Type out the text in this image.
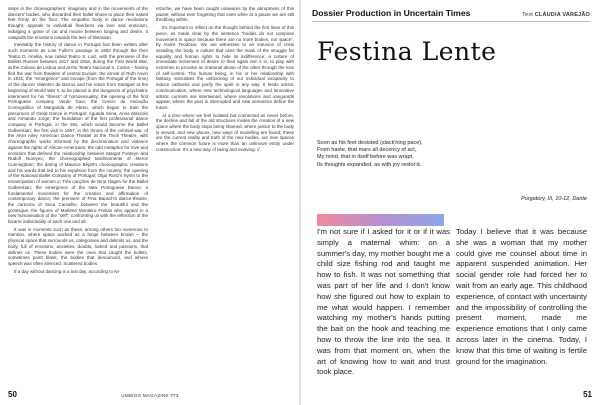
steps in the choreographers' imaginary and in the movements of the dancers' bodies, who discarded their ballet shoes to place their naked feet firmly on the floor. The empathic body in dance revolutions thought, appeals to individual freedoms via love and eroticism, indulging a game of cat and mouse between longing and desire. It catapults the emotions towards the leer of liberation.

Inevitably the history of dance in Portugal has been written after such moments as Loïe Fuller's passage in 1902 through the then Teatro D. Amélia, now called Teatro S. Luiz, with the premiere of the Ballets Russes between 1917 and 1918, during the First World War, at the Coliseu de Lisboa and at the Teatro Nacional S. Carlos – having fled the war from theatres of central Europe; the arrival of Ruth Asvin in 1931; the "emergence" and escape (from the Portugal of the time) of the dancer Valentim de Barros and his return from Stuttgart at the beginning of World War II, to be placed in the dungeons of psychiatric internment for his "illness" of homosexuality; the opening of the first Portuguese company Verde Gaio; the Centro de Iniciação Coreográfica of Margarida de Abreu, which began to train the precursors of Great Dance in Portugal: Águeda Sena, Anna Mascolo and Armando Jorge; the foundation of the first professional dance company in Portugal, in the 60s, which would become the Ballet Gulbenkian; the first visit in 1967, in the throes of the colonial war, of the Alvin Ailey American Dance Theater at the Tivoli Theatre, with choreographic works informed by the discrimination and violence against the rights of African-Americans; the odd metaphor for love and eroticism that defined the relationship between Margot Fonteyn and Rudolf Nureyev; the choreographed tandmoments of Merce Cunningham; the daring of Maurice Béjart's choreographic creations and his words that led to his expulsion from the country; the opening of the National Ballet Company of Portugal; Olga Roriz's hymn to the emancipation of women in Três canções de Nina Hagen for the Ballet Gulbenkian; the emergence of the New Portuguese Dance, a fundamental movement for the creation and affirmation of contemporary dance; the premiere of Pina Bausch's dance-theatre, the cartoons of Seca Carvalho, between the beautiful and the grotesque, the figures of Marlene Monteiro Freitas who appeal to a new humanisation of the "self", confronting us with the reflection of the bizarre individuality of each one and all.

It was in moments such as these, among others too numerous to mention, where space worked as a hinge between known – the physical space that surrounds us, categorises and delimits us, and the body, full of emotions, anxieties, doubts, hatred and passions, that defines us. These bodies were the ones that caught the bullets, sometimes point blank, the bodies that denounced, and whose speech was often silenced. Scattered bodies.

If a day without dancing is a lost day, according to Ni-

etzsche, we have been caught unawares by the abruptness of this pause, without ever forgetting that even while at a pause we are still throbbing within.

It's important to reflect on the thought behind the first lines of this piece, as made clear by the sentence "bodies do not compose movement in space because there are no more bodies, nor space", by André Teodósio. We are witnesses to an intrusion of crisis assailing the body, a culture that uses the mask of the struggle for equality and human rights to hide its indifference; a culture of immediate incitement of desire to then again rein it in, to play with extremes to provoke an irrational abuse of the other through the loss of self-control. The human being, in his or her relationship with fantasy, stimulates the unblocking of our individual incapacity to induce catharsis and purify the spirit in any way. It feeds artistic communication, where new technological languages and innovative artistic currents are intertwined, where revolutions and vanguards appear, where the past is interrupted and new semantics define the future.

At a time where we feel isolated but connected as never before, the decline and fall of the old structures invites the creation of a new space where the body stops being shamed, where justice to the body is served, and new places, new ways of modelling are found; these are the current reality and truth of the new bodies, our new spaces where the common future is more than an unknown entity under construction. It's a new way of being and evolving. //

50
Dossier Production in Uncertain Times	Text CLÁUDIA VAREJÃO
Festina Lente
Soon as his feet desisted (slack'ning pace),
From haste, that mars all decency of act,
My mind, that in itself before was wrapt,
Its thoughts expanded, as with joy restor'd.
Purgatory, III, 10-12, Dante
I'm not sure if I asked for it or if it was simply a maternal whim: on a summer's day, my mother bought me a child size fishing rod and taught me how to fish. It was not something that was part of her life and I don't know how she figured out how to explain to me what would happen. I remember watching my mother's hands putting the bait on the hook and teaching me how to throw the line into the sea. It was from that moment on, when the art of knowing how to wait and trust took place.
Today I believe that it was because she was a woman that my mother could give me counsel about time in apparent suspended animation. Her social gender role had forced her to wait from an early age. This childhood experience, of contact with uncertainty and the impossibility of controlling the present moment, made me experience emotions that I only came across later in the cinema. Today, I know that this time of waiting is fertile ground for the imagination.
51
UMBIGO MAGAZINE #73
